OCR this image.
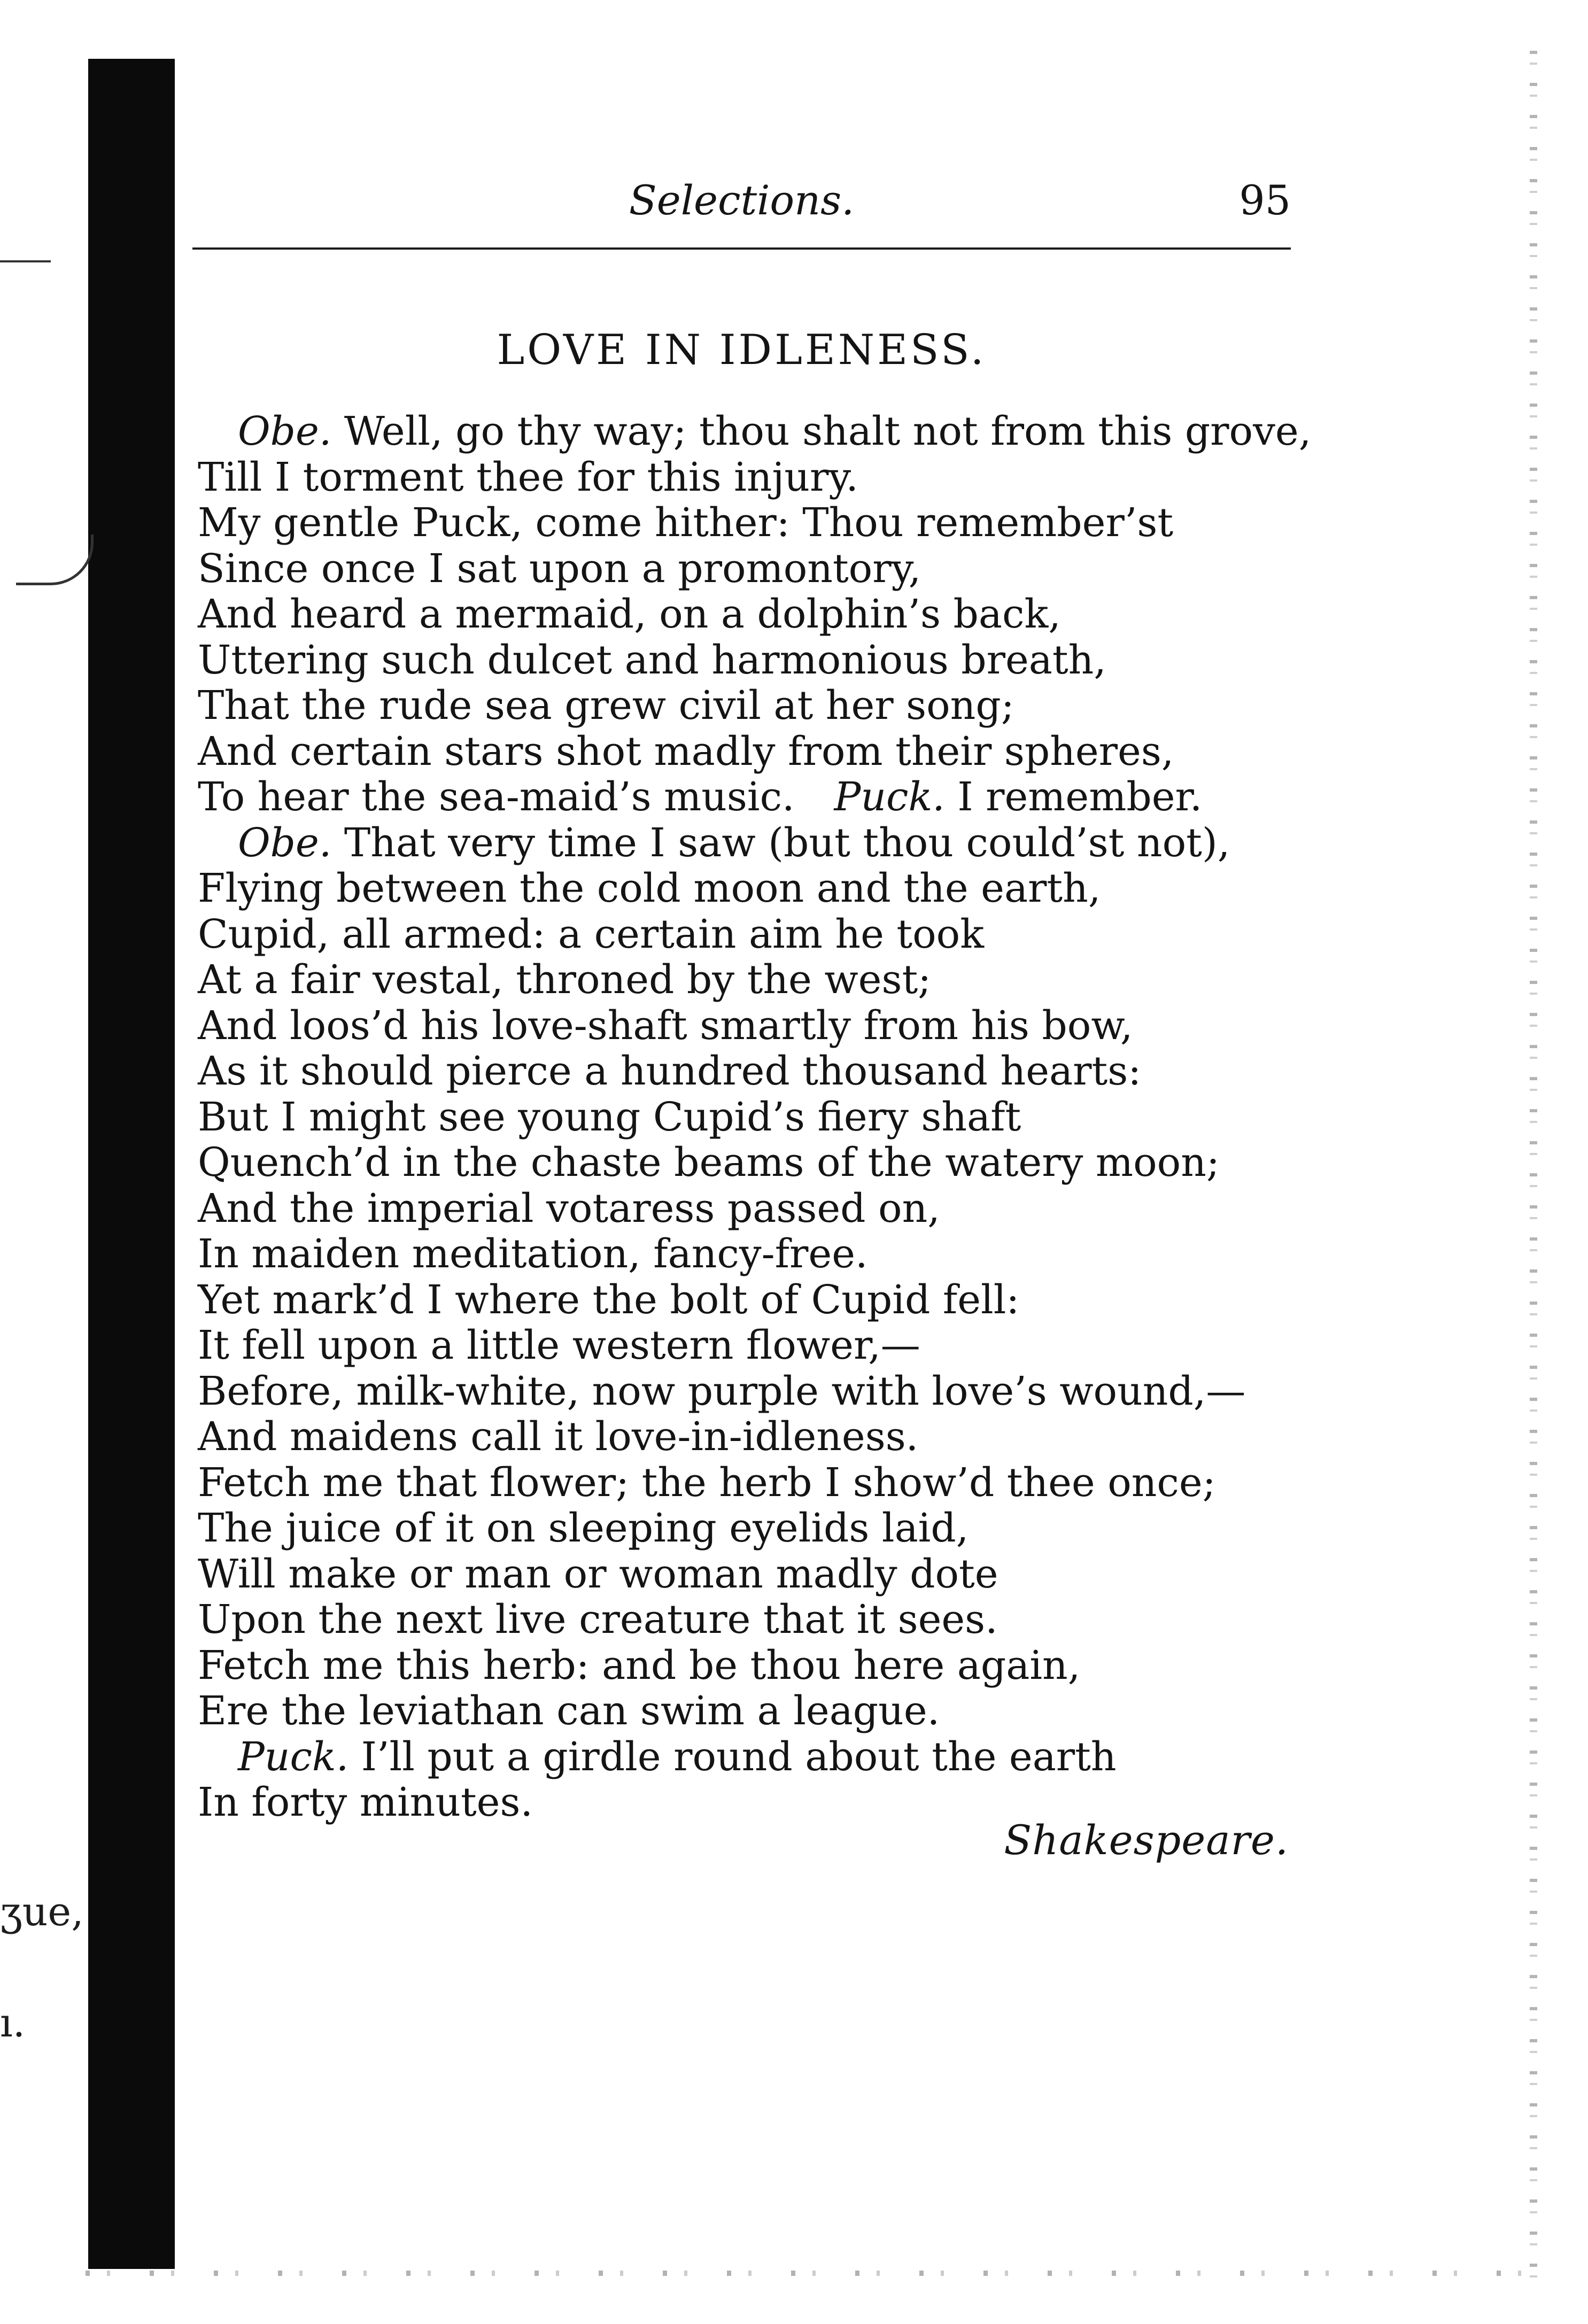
ʒue,
ı.
Selections.	95
LOVE IN IDLENESS.
Obe. Well, go thy way; thou shalt not from this grove,
Till I torment thee for this injury.
My gentle Puck, come hither: Thou remember’st
Since once I sat upon a promontory,
And heard a mermaid, on a dolphin’s back,
Uttering such dulcet and harmonious breath,
That the rude sea grew civil at her song;
And certain stars shot madly from their spheres,
To hear the sea-maid’s music.  Puck. I remember.
Obe. That very time I saw (but thou could’st not),
Flying between the cold moon and the earth,
Cupid, all armed: a certain aim he took
At a fair vestal, throned by the west;
And loos’d his love-shaft smartly from his bow,
As it should pierce a hundred thousand hearts:
But I might see young Cupid’s fiery shaft
Quench’d in the chaste beams of the watery moon;
And the imperial votaress passed on,
In maiden meditation, fancy-free.
Yet mark’d I where the bolt of Cupid fell:
It fell upon a little western flower,—
Before, milk-white, now purple with love’s wound,—
And maidens call it love-in-idleness.
Fetch me that flower; the herb I show’d thee once;
The juice of it on sleeping eyelids laid,
Will make or man or woman madly dote
Upon the next live creature that it sees.
Fetch me this herb: and be thou here again,
Ere the leviathan can swim a league.
Puck. I’ll put a girdle round about the earth
In forty minutes.
Shakespeare.
